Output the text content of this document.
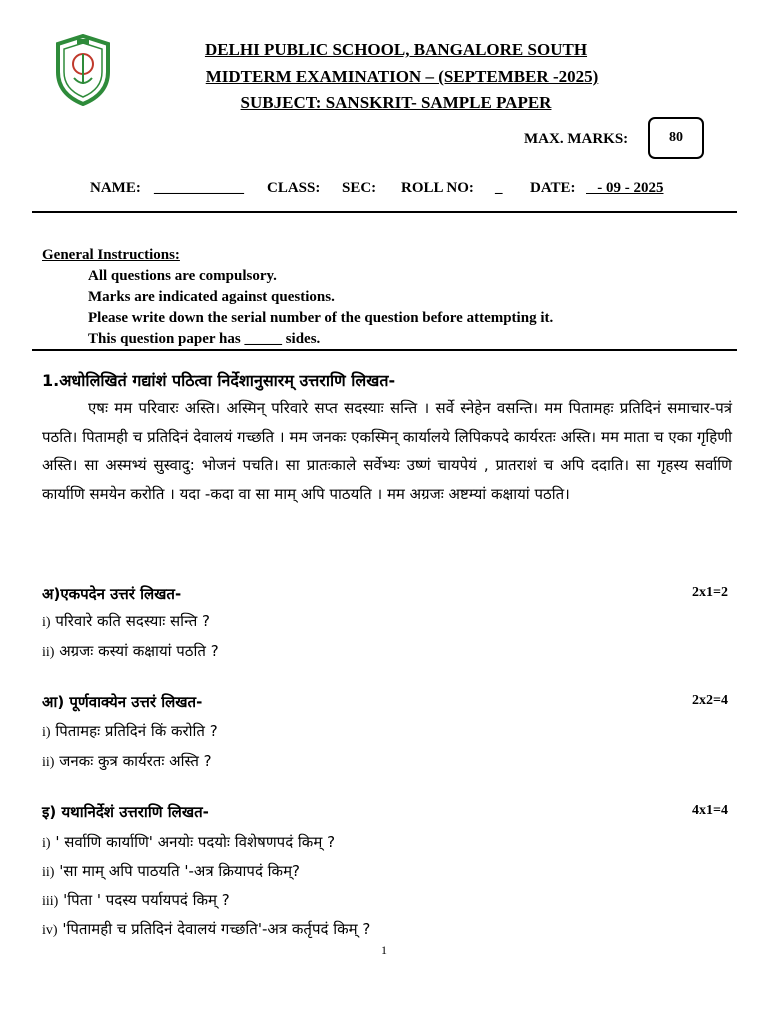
DELHI PUBLIC SCHOOL, BANGALORE SOUTH
MIDTERM EXAMINATION – (SEPTEMBER -2025)
SUBJECT: SANSKRIT- SAMPLE PAPER
MAX. MARKS:	80
NAME: ____________ CLASS: SEC: ROLL NO: _ DATE: - 09 - 2025
General Instructions:
All questions are compulsory.
Marks are indicated against questions.
Please write down the serial number of the question before attempting it.
This question paper has _____ sides.
1.अधोलिखितं गद्यांशं पठित्वा निर्देशानुसारम् उत्तराणि लिखत-

एषः मम परिवारः अस्ति। अस्मिन् परिवारे सप्त सदस्याः सन्ति । सर्वे स्नेहेन वसन्ति। मम पितामहः प्रतिदिनं समाचार-पत्रं पठति। पितामही च प्रतिदिनं देवालयं गच्छति । मम जनकः एकस्मिन् कार्यालये लिपिकपदे कार्यरतः अस्ति। मम माता च एका गृहिणी अस्ति। सा अस्मभ्यं सुस्वादु: भोजनं पचति। सा प्रातःकाले सर्वेभ्यः उष्णं चायपेयं , प्रातराशं च अपि ददाति। सा गृहस्य सर्वाणि कार्याणि समयेन करोति । यदा -कदा वा सा माम् अपि पाठयति । मम अग्रजः अष्टम्यां कक्षायां पठति।

अ)एकपदेन उत्तरं लिखत-	2x1=2
i) परिवारे कति सदस्याः सन्ति ?
ii) अग्रजः कस्यां कक्षायां पठति ?
आ) पूर्णवाक्येन उत्तरं लिखत-	2x2=4
i) पितामहः प्रतिदिनं किं करोति ?
ii) जनकः कुत्र कार्यरतः अस्ति ?
इ) यथानिर्देशं उत्तराणि लिखत-	4x1=4
i) ' सर्वाणि कार्याणि' अनयोः पदयोः विशेषणपदं किम् ?
ii) 'सा माम् अपि पाठयति '-अत्र क्रियापदं किम्?
iii) 'पिता ' पदस्य पर्यायपदं किम् ?
iv) 'पितामही च प्रतिदिनं देवालयं गच्छति'-अत्र कर्तृपदं किम् ?
1
